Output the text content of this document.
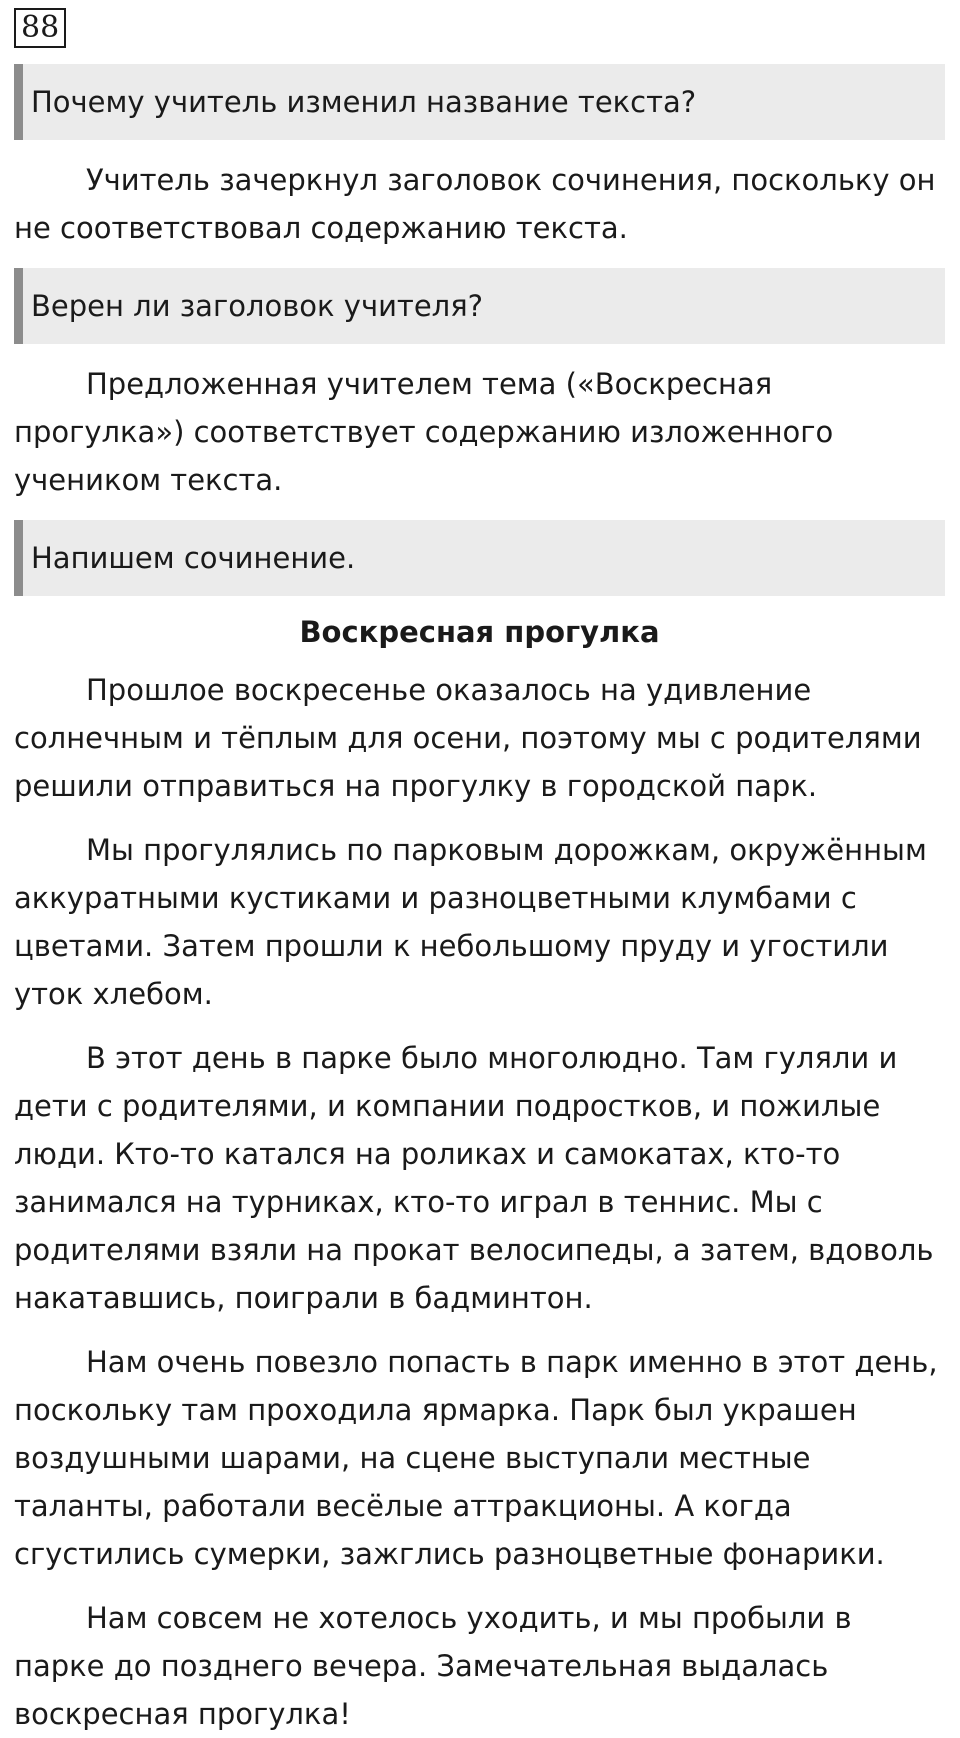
88
Почему учитель изменил название текста?

Учитель зачеркнул заголовок сочинения, поскольку он не соответствовал содержанию текста.

Верен ли заголовок учителя?

Предложенная учителем тема («Воскресная прогулка») соответствует содержанию изложенного учеником текста.

Напишем сочинение.
Воскресная прогулка

Прошлое воскресенье оказалось на удивление солнечным и тёплым для осени, поэтому мы с родителями решили отправиться на прогулку в городской парк.

Мы прогулялись по парковым дорожкам, окружённым аккуратными кустиками и разноцветными клумбами с цветами. Затем прошли к небольшому пруду и угостили уток хлебом.

В этот день в парке было многолюдно. Там гуляли и дети с родителями, и компании подростков, и пожилые люди. Кто-то катался на роликах и самокатах, кто-то занимался на турниках, кто-то играл в теннис. Мы с родителями взяли на прокат велосипеды, а затем, вдоволь накатавшись, поиграли в бадминтон.

Нам очень повезло попасть в парк именно в этот день, поскольку там проходила ярмарка. Парк был украшен воздушными шарами, на сцене выступали местные таланты, работали весёлые аттракционы. А когда сгустились сумерки, зажглись разноцветные фонарики.

Нам совсем не хотелось уходить, и мы пробыли в парке до позднего вечера. Замечательная выдалась воскресная прогулка!
